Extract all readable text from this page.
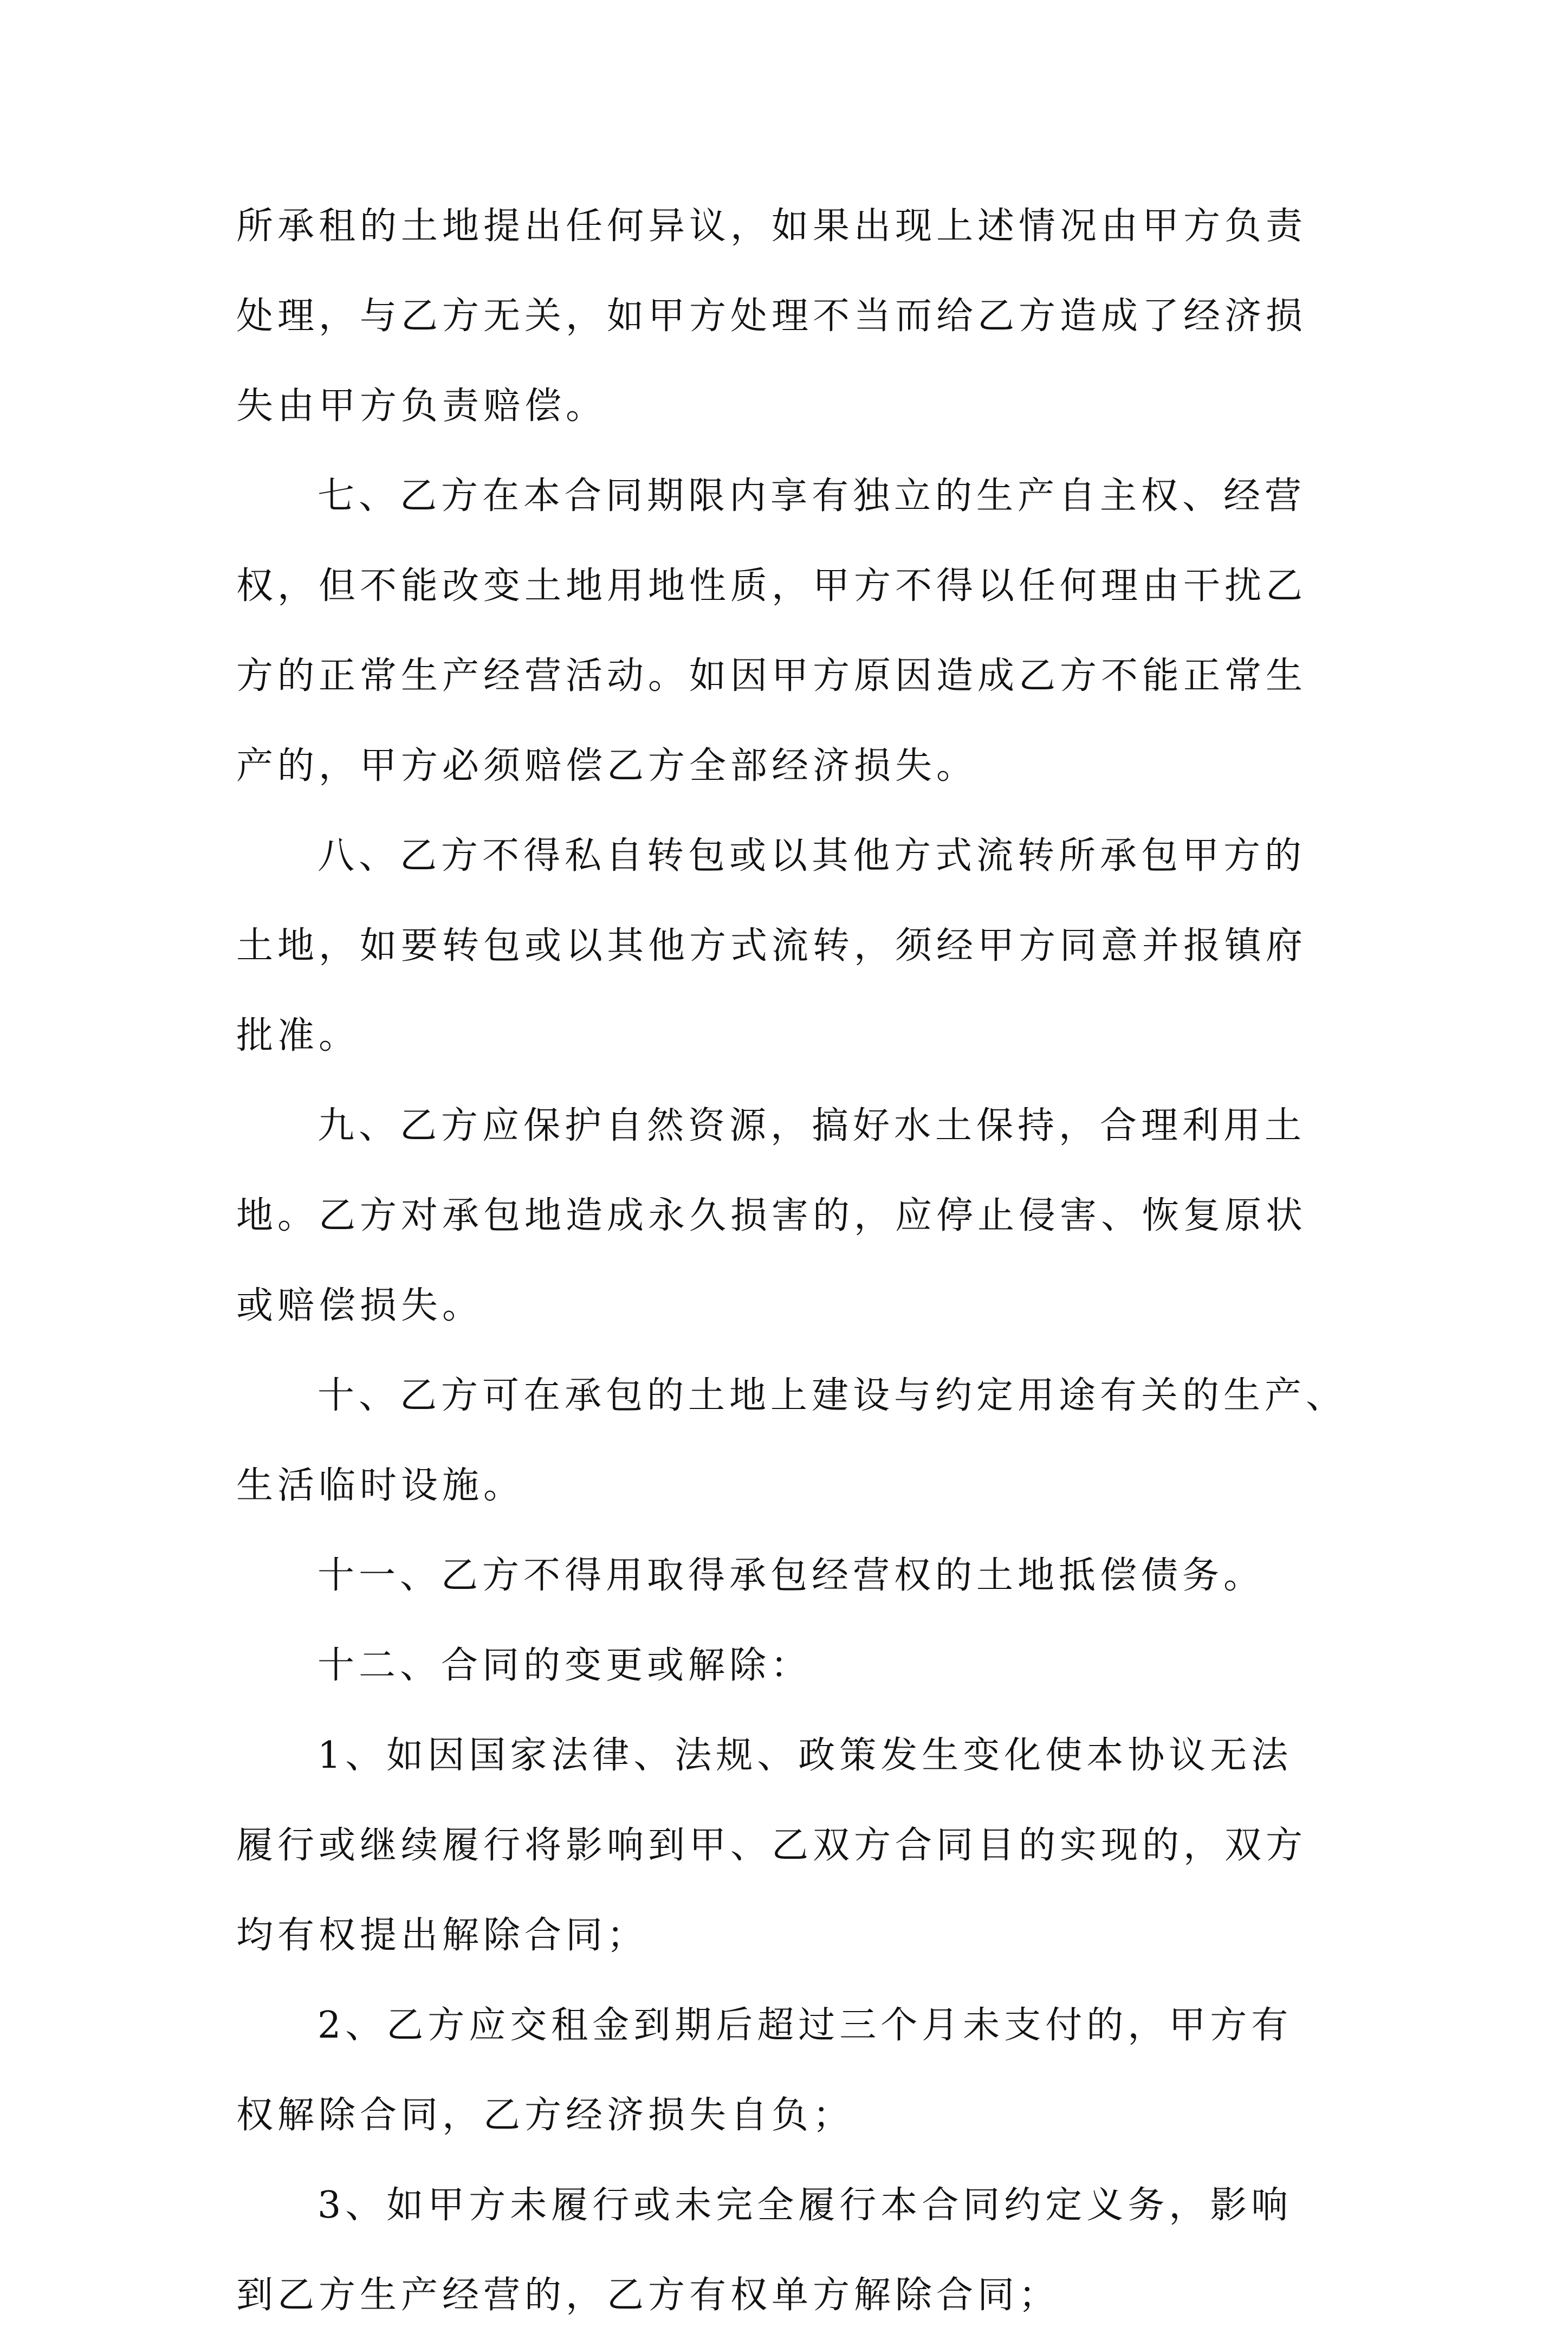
所承租的土地提出任何异议，如果出现上述情况由甲方负责
处理，与乙方无关，如甲方处理不当而给乙方造成了经济损
失由甲方负责赔偿。
七、乙方在本合同期限内享有独立的生产自主权、经营
权，但不能改变土地用地性质，甲方不得以任何理由干扰乙
方的正常生产经营活动。如因甲方原因造成乙方不能正常生
产的，甲方必须赔偿乙方全部经济损失。
八、乙方不得私自转包或以其他方式流转所承包甲方的
土地，如要转包或以其他方式流转，须经甲方同意并报镇府
批准。
九、乙方应保护自然资源，搞好水土保持，合理利用土
地。乙方对承包地造成永久损害的，应停止侵害、恢复原状
或赔偿损失。
十、乙方可在承包的土地上建设与约定用途有关的生产、
生活临时设施。
十一、乙方不得用取得承包经营权的土地抵偿债务。
十二、合同的变更或解除：
1、如因国家法律、法规、政策发生变化使本协议无法
履行或继续履行将影响到甲、乙双方合同目的实现的，双方
均有权提出解除合同；
2、乙方应交租金到期后超过三个月未支付的，甲方有
权解除合同，乙方经济损失自负；
3、如甲方未履行或未完全履行本合同约定义务，影响
到乙方生产经营的，乙方有权单方解除合同；
